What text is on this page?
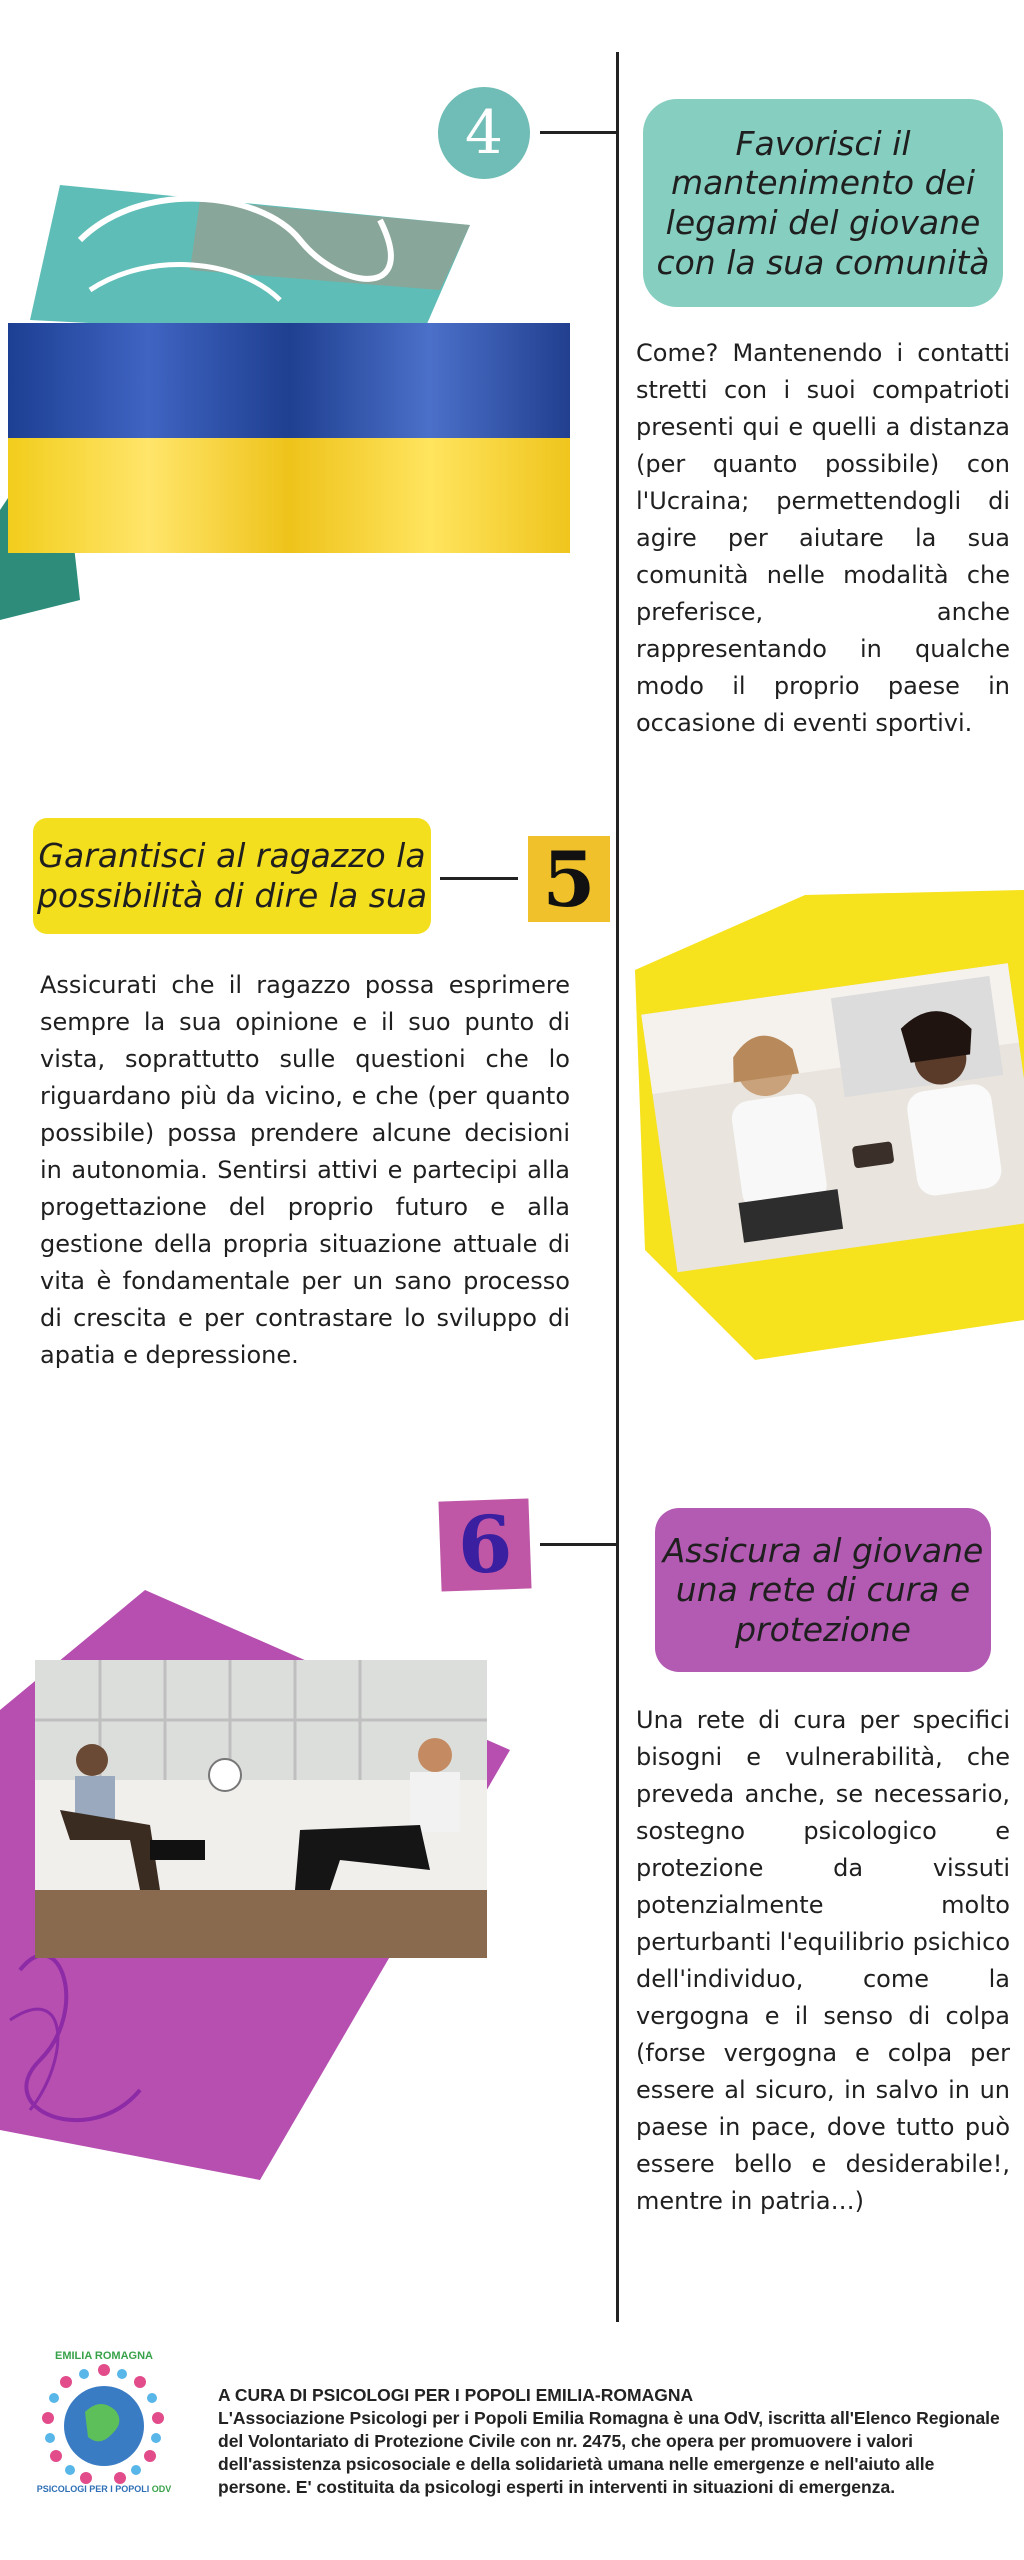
4	Favorisci il mantenimento dei legami del giovane con la sua comunità
Come? Mantenendo i contatti stretti con i suoi compatrioti presenti qui e quelli a distanza (per quanto possibile) con l'Ucraina; permettendogli di agire per aiutare la sua comunità nelle modalità che preferisce, anche rappresentando in qualche modo il proprio paese in occasione di eventi sportivi.
Garantisci al ragazzo la possibilità di dire la sua 5
Assicurati che il ragazzo possa esprimere sempre la sua opinione e il suo punto di vista, soprattutto sulle questioni che lo riguardano più da vicino, e che (per quanto possibile) possa prendere alcune decisioni in autonomia. Sentirsi attivi e partecipi alla progettazione del proprio futuro e alla gestione della propria situazione attuale di vita è fondamentale per un sano processo di crescita e per contrastare lo sviluppo di apatia e depressione.
6	Assicura al giovane una rete di cura e protezione
Una rete di cura per specifici bisogni e vulnerabilità, che preveda anche, se necessario, sostegno psicologico e protezione da vissuti potenzialmente molto perturbanti l'equilibrio psichico dell'individuo, come la vergogna e il senso di colpa (forse vergogna e colpa per essere al sicuro, in salvo in un paese in pace, dove tutto può essere bello e desiderabile!, mentre in patria…)
EMILIA ROMAGNA
PSICOLOGI PER I POPOLI ODV
A CURA DI PSICOLOGI PER I POPOLI EMILIA-ROMAGNA
L'Associazione Psicologi per i Popoli Emilia Romagna è una OdV, iscritta all'Elenco Regionale del Volontariato di Protezione Civile con nr. 2475, che opera per promuovere i valori dell'assistenza psicosociale e della solidarietà umana nelle emergenze e nell'aiuto alle persone. E' costituita da psicologi esperti in interventi in situazioni di emergenza.
